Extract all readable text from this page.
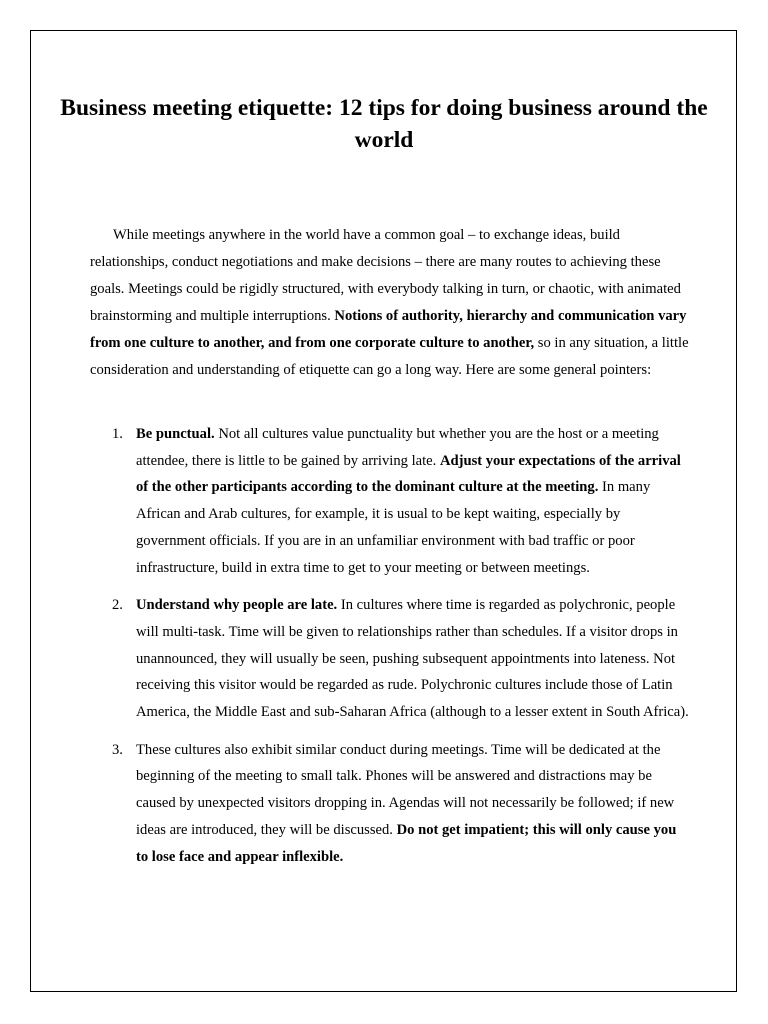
Business meeting etiquette: 12 tips for doing business around the world

While meetings anywhere in the world have a common goal – to exchange ideas, build relationships, conduct negotiations and make decisions – there are many routes to achieving these goals. Meetings could be rigidly structured, with everybody talking in turn, or chaotic, with animated brainstorming and multiple interruptions. Notions of authority, hierarchy and communication vary from one culture to another, and from one corporate culture to another, so in any situation, a little consideration and understanding of etiquette can go a long way. Here are some general pointers:

1. Be punctual. Not all cultures value punctuality but whether you are the host or a meeting attendee, there is little to be gained by arriving late. Adjust your expectations of the arrival of the other participants according to the dominant culture at the meeting. In many African and Arab cultures, for example, it is usual to be kept waiting, especially by government officials. If you are in an unfamiliar environment with bad traffic or poor infrastructure, build in extra time to get to your meeting or between meetings.
2. Understand why people are late. In cultures where time is regarded as polychronic, people will multi-task. Time will be given to relationships rather than schedules. If a visitor drops in unannounced, they will usually be seen, pushing subsequent appointments into lateness. Not receiving this visitor would be regarded as rude. Polychronic cultures include those of Latin America, the Middle East and sub-Saharan Africa (although to a lesser extent in South Africa).
3. These cultures also exhibit similar conduct during meetings. Time will be dedicated at the beginning of the meeting to small talk. Phones will be answered and distractions may be caused by unexpected visitors dropping in. Agendas will not necessarily be followed; if new ideas are introduced, they will be discussed. Do not get impatient; this will only cause you to lose face and appear inflexible.
